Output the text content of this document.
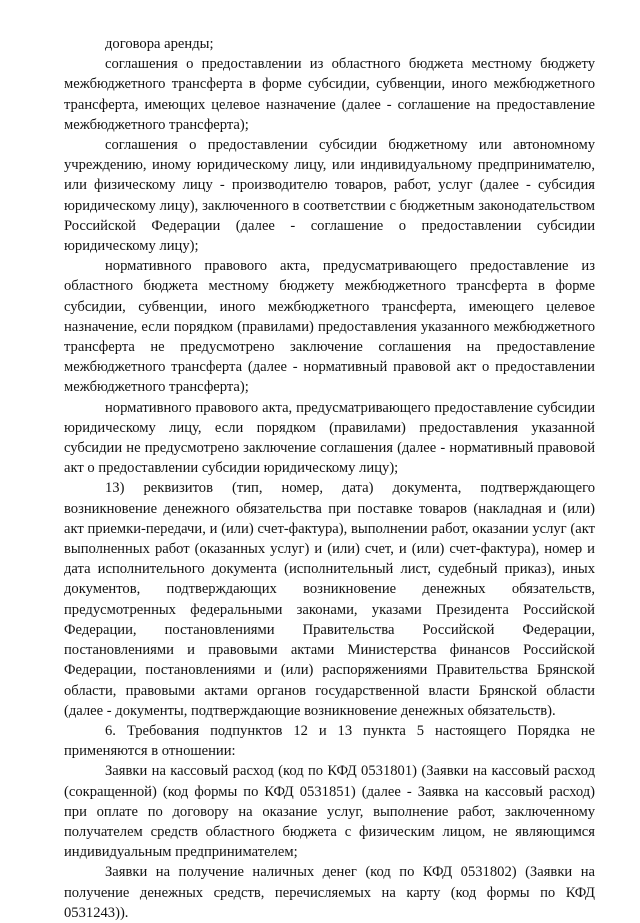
договора аренды;

соглашения о предоставлении из областного бюджета местному бюджету межбюджетного трансферта в форме субсидии, субвенции, иного межбюджетного трансферта, имеющих целевое назначение (далее - соглашение на предоставление межбюджетного трансферта);

соглашения о предоставлении субсидии бюджетному или автономному учреждению, иному юридическому лицу, или индивидуальному предпринимателю, или физическому лицу - производителю товаров, работ, услуг (далее - субсидия юридическому лицу), заключенного в соответствии с бюджетным законодательством Российской Федерации (далее - соглашение о предоставлении субсидии юридическому лицу);

нормативного правового акта, предусматривающего предоставление из областного бюджета местному бюджету межбюджетного трансферта в форме субсидии, субвенции, иного межбюджетного трансферта, имеющего целевое назначение, если порядком (правилами) предоставления указанного межбюджетного трансферта не предусмотрено заключение соглашения на предоставление межбюджетного трансферта (далее - нормативный правовой акт о предоставлении межбюджетного трансферта);

нормативного правового акта, предусматривающего предоставление субсидии юридическому лицу, если порядком (правилами) предоставления указанной субсидии не предусмотрено заключение соглашения (далее - нормативный правовой акт о предоставлении субсидии юридическому лицу);

13) реквизитов (тип, номер, дата) документа, подтверждающего возникновение денежного обязательства при поставке товаров (накладная и (или) акт приемки-передачи, и (или) счет-фактура), выполнении работ, оказании услуг (акт выполненных работ (оказанных услуг) и (или) счет, и (или) счет-фактура), номер и дата исполнительного документа (исполнительный лист, судебный приказ), иных документов, подтверждающих возникновение денежных обязательств, предусмотренных федеральными законами, указами Президента Российской Федерации, постановлениями Правительства Российской Федерации, постановлениями и правовыми актами Министерства финансов Российской Федерации, постановлениями и (или) распоряжениями Правительства Брянской области, правовыми актами органов государственной власти Брянской области (далее - документы, подтверждающие возникновение денежных обязательств).

6. Требования подпунктов 12 и 13 пункта 5 настоящего Порядка не применяются в отношении:

Заявки на кассовый расход (код по КФД 0531801) (Заявки на кассовый расход (сокращенной) (код формы по КФД 0531851) (далее - Заявка на кассовый расход) при оплате по договору на оказание услуг, выполнение работ, заключенному получателем средств областного бюджета с физическим лицом, не являющимся индивидуальным предпринимателем;

Заявки на получение наличных денег (код по КФД 0531802) (Заявки на получение денежных средств, перечисляемых на карту (код формы по КФД 0531243)).
